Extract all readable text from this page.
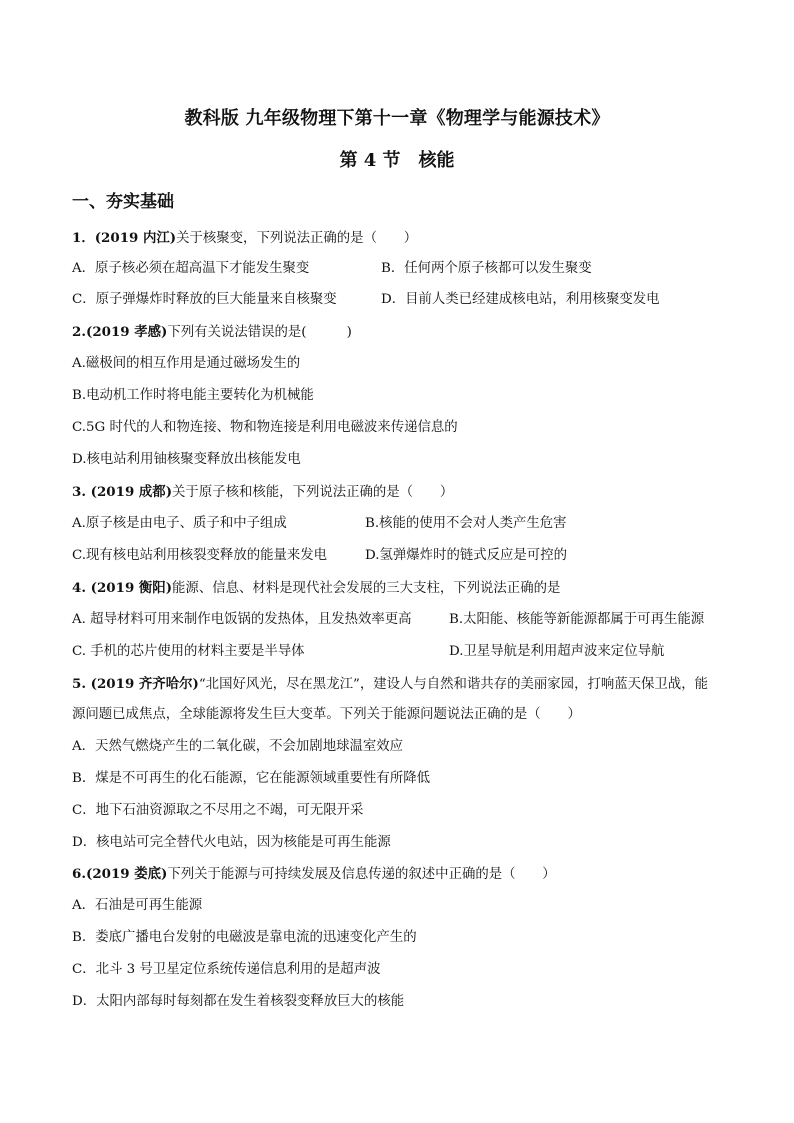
教科版 九年级物理下第十一章《物理学与能源技术》
第 4 节　核能
一、夯实基础
1．(2019 内江)关于核聚变，下列说法正确的是（　　）
A．原子核必须在超高温下才能发生聚变	B．任何两个原子核都可以发生聚变
C．原子弹爆炸时释放的巨大能量来自核聚变	D．目前人类已经建成核电站，利用核聚变发电
2.(2019 孝感)下列有关说法错误的是(　　　)
A.磁极间的相互作用是通过磁场发生的
B.电动机工作时将电能主要转化为机械能
C.5G 时代的人和物连接、物和物连接是利用电磁波来传递信息的
D.核电站利用铀核聚变释放出核能发电
3. (2019 成都)关于原子核和核能，下列说法正确的是（　　）
A.原子核是由电子、质子和中子组成	B.核能的使用不会对人类产生危害
C.现有核电站利用核裂变释放的能量来发电	D.氢弹爆炸时的链式反应是可控的
4. (2019 衡阳)能源、信息、材料是现代社会发展的三大支柱，下列说法正确的是
A. 超导材料可用来制作电饭锅的发热体，且发热效率更高	B.太阳能、核能等新能源都属于可再生能源
C. 手机的芯片使用的材料主要是半导体	D.卫星导航是利用超声波来定位导航
5. (2019 齐齐哈尔)“北国好风光，尽在黑龙江”，建设人与自然和谐共存的美丽家园，打响蓝天保卫战，能
源问题已成焦点，全球能源将发生巨大变革。下列关于能源问题说法正确的是（　　）
A．天然气燃烧产生的二氧化碳，不会加剧地球温室效应
B．煤是不可再生的化石能源，它在能源领域重要性有所降低
C．地下石油资源取之不尽用之不竭，可无限开采
D．核电站可完全替代火电站，因为核能是可再生能源
6.(2019 娄底)下列关于能源与可持续发展及信息传递的叙述中正确的是（　　）
A．石油是可再生能源
B．娄底广播电台发射的电磁波是靠电流的迅速变化产生的
C．北斗 3 号卫星定位系统传递信息利用的是超声波
D．太阳内部每时每刻都在发生着核裂变释放巨大的核能
